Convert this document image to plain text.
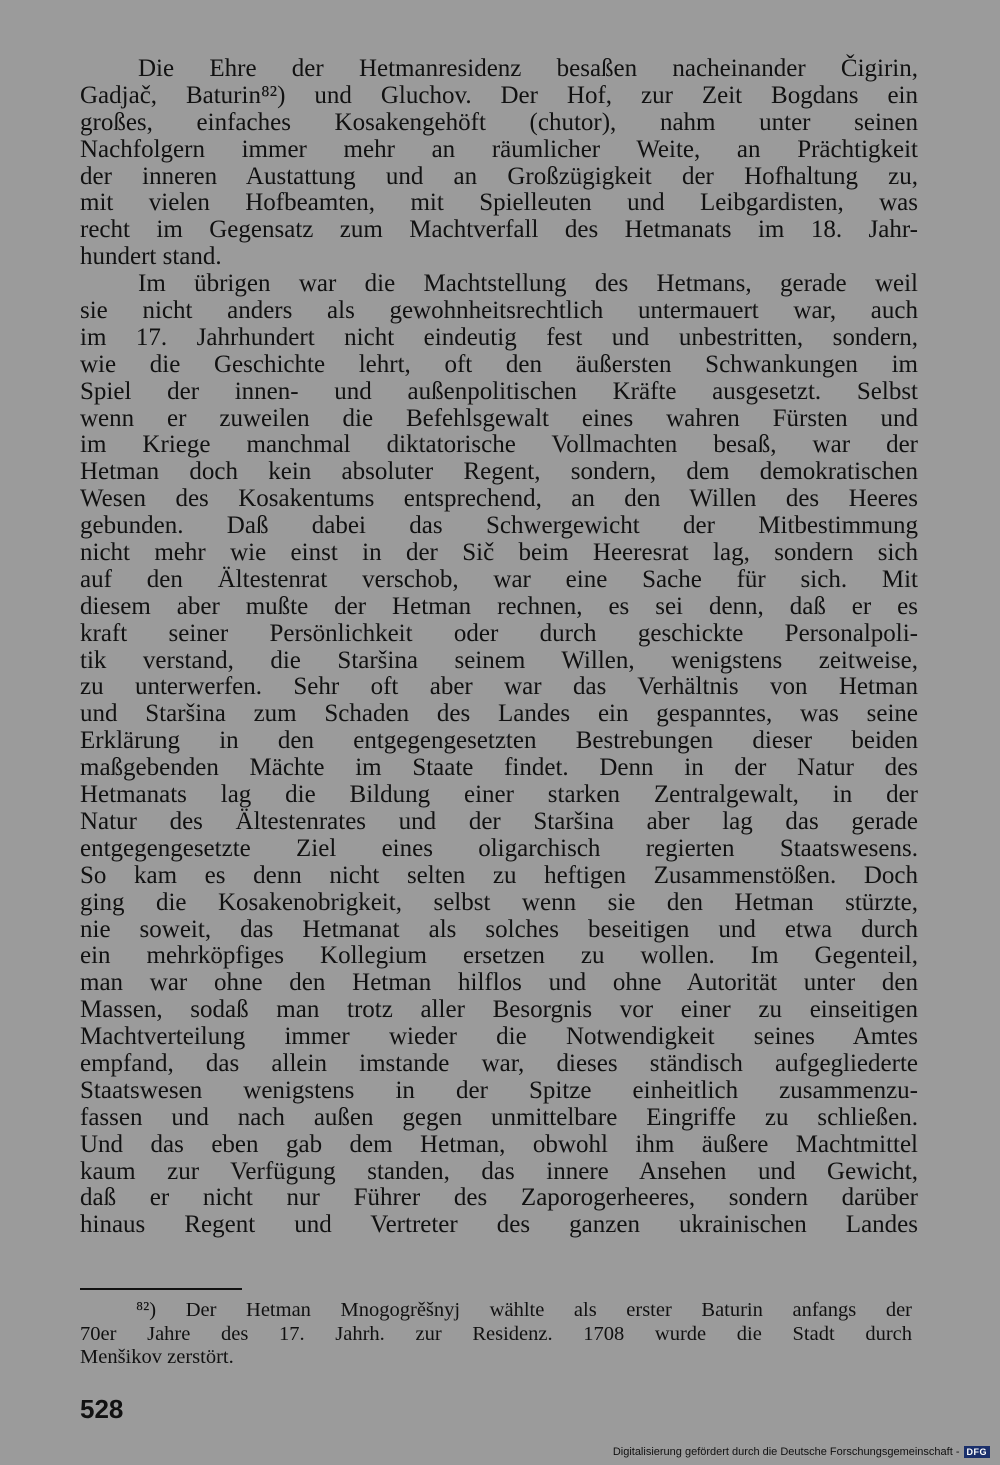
Die Ehre der Hetmanresidenz besaßen nacheinander Čigirin,
Gadjač, Baturin⁸²) und Gluchov. Der Hof, zur Zeit Bogdans ein
großes, einfaches Kosakengehöft (chutor), nahm unter seinen
Nachfolgern immer mehr an räumlicher Weite, an Prächtigkeit
der inneren Austattung und an Großzügigkeit der Hofhaltung zu,
mit vielen Hofbeamten, mit Spielleuten und Leibgardisten, was
recht im Gegensatz zum Machtverfall des Hetmanats im 18. Jahr-
hundert stand.
Im übrigen war die Machtstellung des Hetmans, gerade weil
sie nicht anders als gewohnheitsrechtlich untermauert war, auch
im 17. Jahrhundert nicht eindeutig fest und unbestritten, sondern,
wie die Geschichte lehrt, oft den äußersten Schwankungen im
Spiel der innen- und außenpolitischen Kräfte ausgesetzt. Selbst
wenn er zuweilen die Befehlsgewalt eines wahren Fürsten und
im Kriege manchmal diktatorische Vollmachten besaß, war der
Hetman doch kein absoluter Regent, sondern, dem demokratischen
Wesen des Kosakentums entsprechend, an den Willen des Heeres
gebunden. Daß dabei das Schwergewicht der Mitbestimmung
nicht mehr wie einst in der Sič beim Heeresrat lag, sondern sich
auf den Ältestenrat verschob, war eine Sache für sich. Mit
diesem aber mußte der Hetman rechnen, es sei denn, daß er es
kraft seiner Persönlichkeit oder durch geschickte Personalpoli-
tik verstand, die Staršina seinem Willen, wenigstens zeitweise,
zu unterwerfen. Sehr oft aber war das Verhältnis von Hetman
und Staršina zum Schaden des Landes ein gespanntes, was seine
Erklärung in den entgegengesetzten Bestrebungen dieser beiden
maßgebenden Mächte im Staate findet. Denn in der Natur des
Hetmanats lag die Bildung einer starken Zentralgewalt, in der
Natur des Ältestenrates und der Staršina aber lag das gerade
entgegengesetzte Ziel eines oligarchisch regierten Staatswesens.
So kam es denn nicht selten zu heftigen Zusammenstößen. Doch
ging die Kosakenobrigkeit, selbst wenn sie den Hetman stürzte,
nie soweit, das Hetmanat als solches beseitigen und etwa durch
ein mehrköpfiges Kollegium ersetzen zu wollen. Im Gegenteil,
man war ohne den Hetman hilflos und ohne Autorität unter den
Massen, sodaß man trotz aller Besorgnis vor einer zu einseitigen
Machtverteilung immer wieder die Notwendigkeit seines Amtes
empfand, das allein imstande war, dieses ständisch aufgegliederte
Staatswesen wenigstens in der Spitze einheitlich zusammenzu-
fassen und nach außen gegen unmittelbare Eingriffe zu schließen.
Und das eben gab dem Hetman, obwohl ihm äußere Machtmittel
kaum zur Verfügung standen, das innere Ansehen und Gewicht,
daß er nicht nur Führer des Zaporogerheeres, sondern darüber
hinaus Regent und Vertreter des ganzen ukrainischen Landes
⁸²) Der Hetman Mnogogrěšnyj wählte als erster Baturin anfangs der
70er Jahre des 17. Jahrh. zur Residenz. 1708 wurde die Stadt durch
Menšikov zerstört.
528
Digitalisierung gefördert durch die Deutsche Forschungsgemeinschaft - DFG
